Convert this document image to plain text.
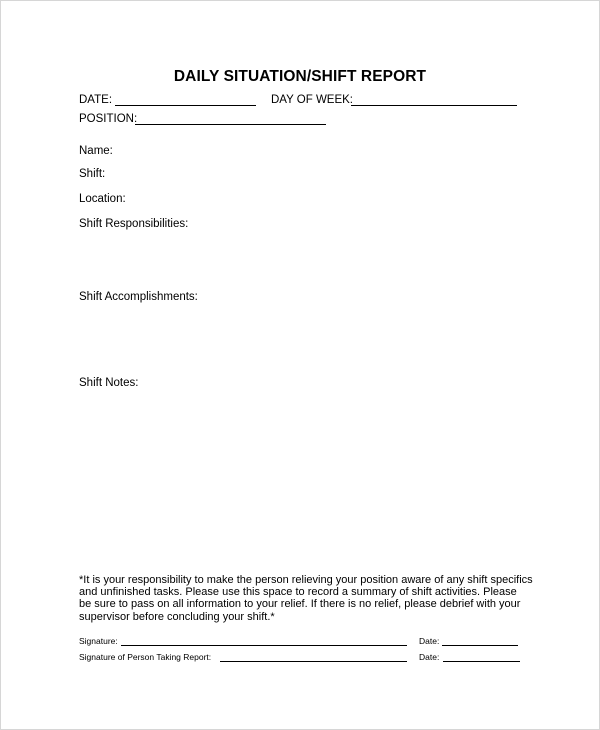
DAILY SITUATION/SHIFT REPORT
DATE:	DAY OF WEEK:
POSITION:
Name:
Shift:
Location:
Shift Responsibilities:
Shift Accomplishments:
Shift Notes:
*It is your responsibility to make the person relieving your position aware of any shift specifics
and unfinished tasks. Please use this space to record a summary of shift activities. Please
be sure to pass on all information to your relief. If there is no relief, please debrief with your
supervisor before concluding your shift.*
Signature:	Date:
Signature of Person Taking Report:	Date:
